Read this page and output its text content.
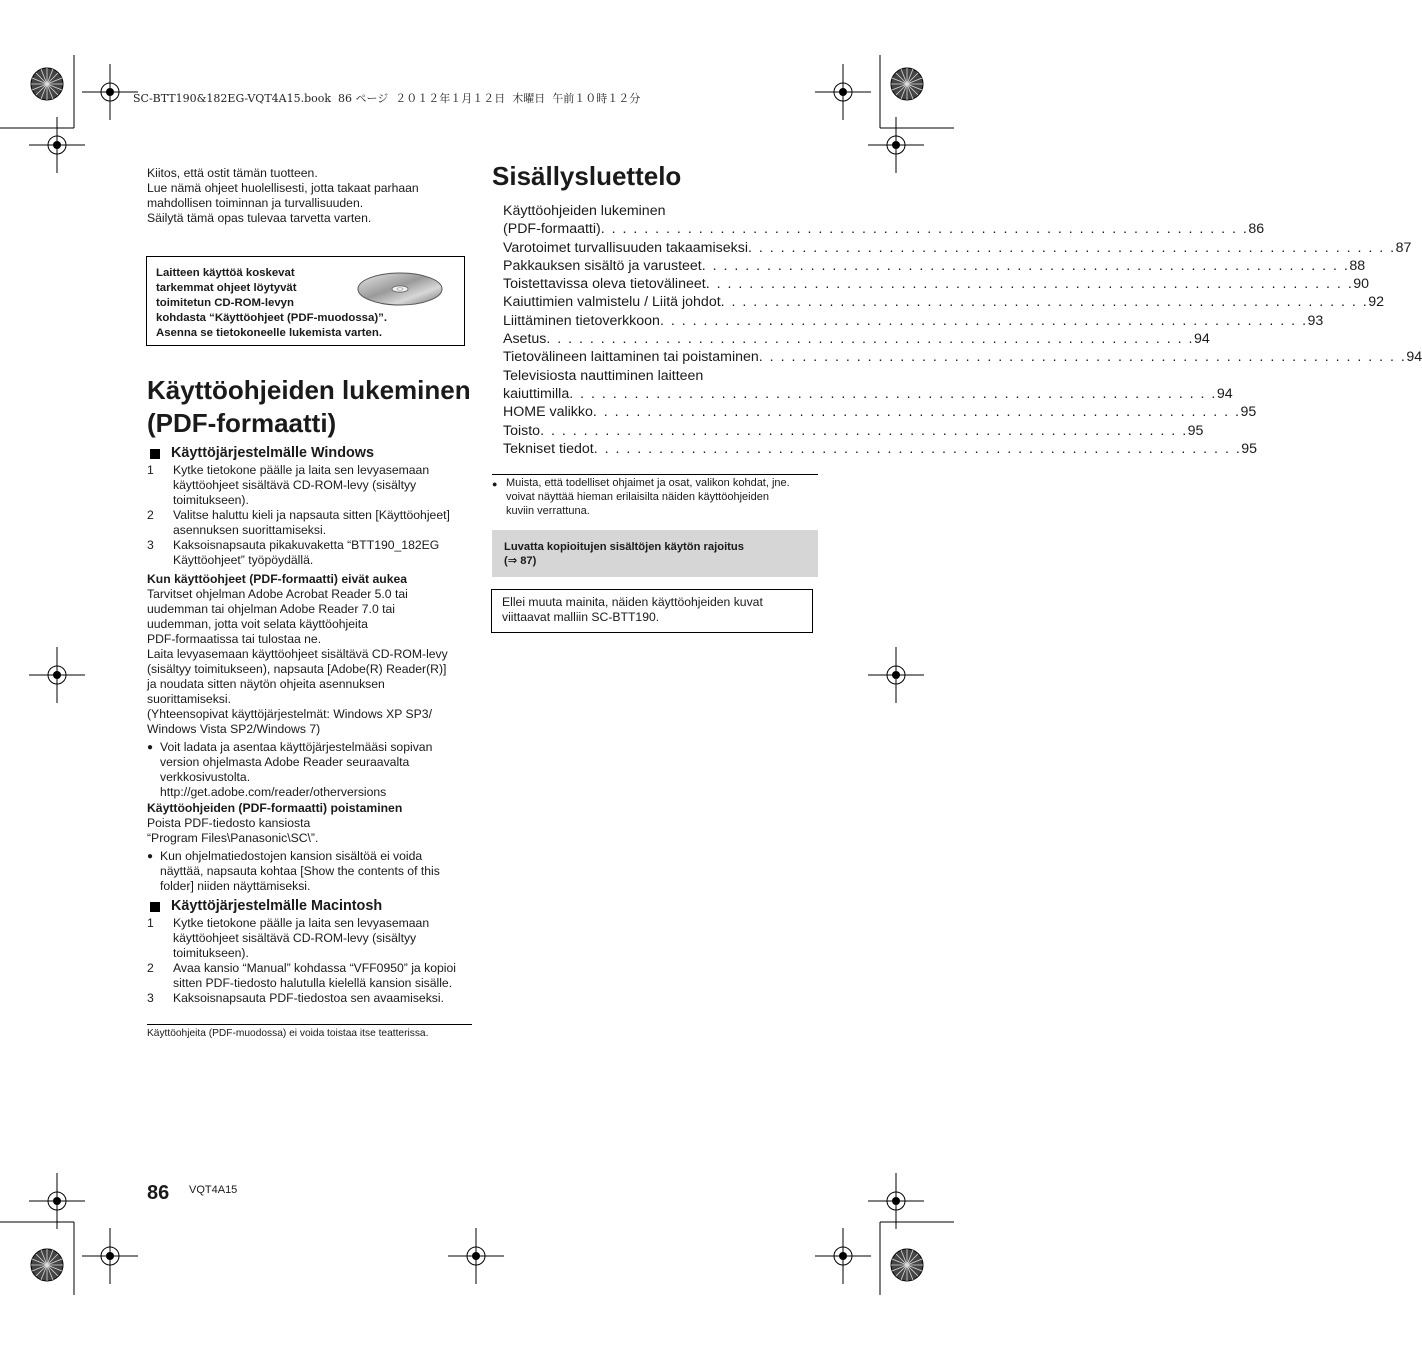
SC-BTT190&182EG-VQT4A15.book  86 ページ  ２０１２年１月１２日  木曜日  午前１０時１２分
Kiitos, että ostit tämän tuotteen.
Lue nämä ohjeet huolellisesti, jotta takaat parhaan
mahdollisen toiminnan ja turvallisuuden.
Säilytä tämä opas tulevaa tarvetta varten.
Laitteen käyttöä koskevat
tarkemmat ohjeet löytyvät
toimitetun CD-ROM-levyn
kohdasta “Käyttöohjeet (PDF-muodossa)”.
Asenna se tietokoneelle lukemista varten.
Käyttöohjeiden lukeminen
(PDF-formaatti)
Käyttöjärjestelmälle Windows
1 Kytke tietokone päälle ja laita sen levyasemaan
käyttöohjeet sisältävä CD-ROM-levy (sisältyy
toimitukseen).
2 Valitse haluttu kieli ja napsauta sitten [Käyttöohjeet]
asennuksen suorittamiseksi.
3 Kaksoisnapsauta pikakuvaketta “BTT190_182EG
Käyttöohjeet” työpöydällä.
Kun käyttöohjeet (PDF-formaatti) eivät aukea
Tarvitset ohjelman Adobe Acrobat Reader 5.0 tai
uudemman tai ohjelman Adobe Reader 7.0 tai
uudemman, jotta voit selata käyttöohjeita
PDF-formaatissa tai tulostaa ne.
Laita levyasemaan käyttöohjeet sisältävä CD-ROM-levy
(sisältyy toimitukseen), napsauta [Adobe(R) Reader(R)]
ja noudata sitten näytön ohjeita asennuksen
suorittamiseksi.
(Yhteensopivat käyttöjärjestelmät: Windows XP SP3/
Windows Vista SP2/Windows 7)
● Voit ladata ja asentaa käyttöjärjestelmääsi sopivan
version ohjelmasta Adobe Reader seuraavalta
verkkosivustolta.
http://get.adobe.com/reader/otherversions
Käyttöohjeiden (PDF-formaatti) poistaminen
Poista PDF-tiedosto kansiosta
“Program Files\Panasonic\SC\”.
● Kun ohjelmatiedostojen kansion sisältöä ei voida
näyttää, napsauta kohtaa [Show the contents of this
folder] niiden näyttämiseksi.
Käyttöjärjestelmälle Macintosh
1 Kytke tietokone päälle ja laita sen levyasemaan
käyttöohjeet sisältävä CD-ROM-levy (sisältyy
toimitukseen).
2 Avaa kansio “Manual” kohdassa “VFF0950” ja kopioi
sitten PDF-tiedosto halutulla kielellä kansion sisälle.
3 Kaksoisnapsauta PDF-tiedostoa sen avaamiseksi.
Käyttöohjeita (PDF-muodossa) ei voida toistaa itse teatterissa.
Sisällysluettelo
Käyttöohjeiden lukeminen
(PDF-formaatti) . . . . . . . . . . . . . . . . . . . . . . . . . . . . . . . . . . . . . . . . . . . . . . . . . . . . . . . . . . . . 86
Varotoimet turvallisuuden takaamiseksi . . . . . . . . . . . . . . . . . . . . . . . . . . . . . . . . . . . . . . . . . . . . . . . . . . . . . . . . . . . . 87
Pakkauksen sisältö ja varusteet . . . . . . . . . . . . . . . . . . . . . . . . . . . . . . . . . . . . . . . . . . . . . . . . . . . . . . . . . . . . 88
Toistettavissa oleva tietovälineet . . . . . . . . . . . . . . . . . . . . . . . . . . . . . . . . . . . . . . . . . . . . . . . . . . . . . . . . . . . . 90
Kaiuttimien valmistelu / Liitä johdot . . . . . . . . . . . . . . . . . . . . . . . . . . . . . . . . . . . . . . . . . . . . . . . . . . . . . . . . . . . . 92
Liittäminen tietoverkkoon . . . . . . . . . . . . . . . . . . . . . . . . . . . . . . . . . . . . . . . . . . . . . . . . . . . . . . . . . . . . 93
Asetus . . . . . . . . . . . . . . . . . . . . . . . . . . . . . . . . . . . . . . . . . . . . . . . . . . . . . . . . . . . . 94
Tietovälineen laittaminen tai poistaminen . . . . . . . . . . . . . . . . . . . . . . . . . . . . . . . . . . . . . . . . . . . . . . . . . . . . . . . . . . . . 94
Televisiosta nauttiminen laitteen
kaiuttimilla . . . . . . . . . . . . . . . . . . . . . . . . . . . . . . . . . . . . . . . . . . . . . . . . . . . . . . . . . . . . 94
HOME valikko . . . . . . . . . . . . . . . . . . . . . . . . . . . . . . . . . . . . . . . . . . . . . . . . . . . . . . . . . . . . 95
Toisto . . . . . . . . . . . . . . . . . . . . . . . . . . . . . . . . . . . . . . . . . . . . . . . . . . . . . . . . . . . . 95
Tekniset tiedot . . . . . . . . . . . . . . . . . . . . . . . . . . . . . . . . . . . . . . . . . . . . . . . . . . . . . . . . . . . . 95
● Muista, että todelliset ohjaimet ja osat, valikon kohdat, jne.
voivat näyttää hieman erilaisilta näiden käyttöohjeiden
kuviin verrattuna.
Luvatta kopioitujen sisältöjen käytön rajoitus
(⇒ 87)
Ellei muuta mainita, näiden käyttöohjeiden kuvat
viittaavat malliin SC-BTT190.
86 VQT4A15
